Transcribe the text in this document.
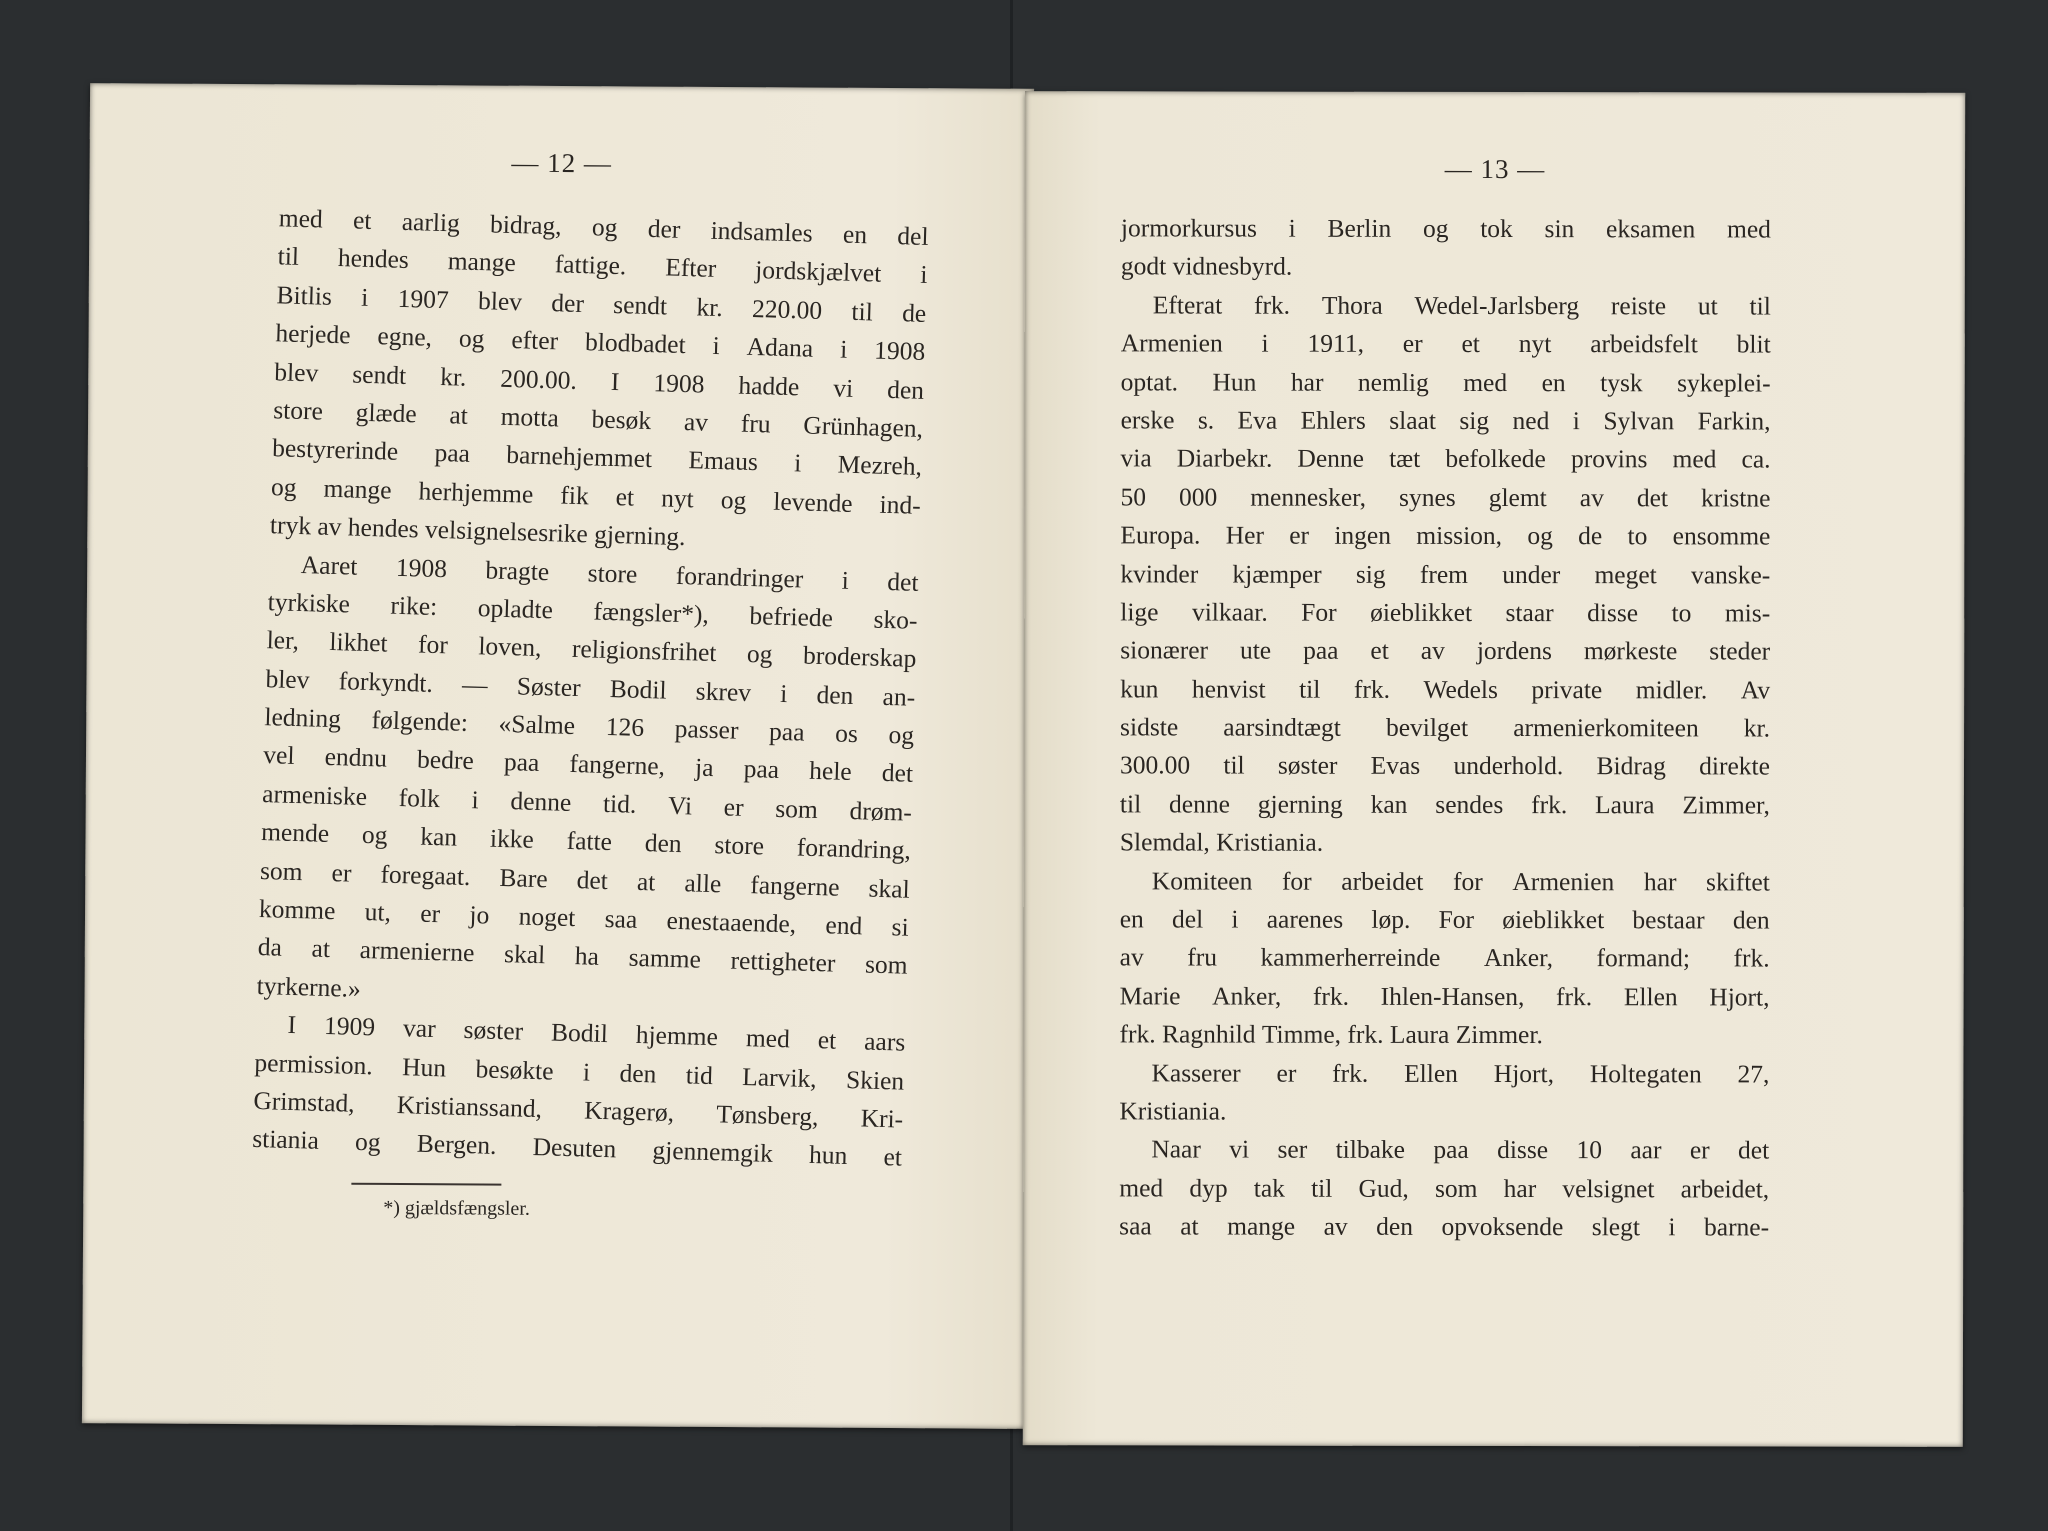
— 12 —
med et aarlig bidrag, og der indsamles en del
til hendes mange fattige. Efter jordskjælvet i
Bitlis i 1907 blev der sendt kr. 220.00 til de
herjede egne, og efter blodbadet i Adana i 1908
blev sendt kr. 200.00. I 1908 hadde vi den
store glæde at motta besøk av fru Grünhagen,
bestyrerinde paa barnehjemmet Emaus i Mezreh,
og mange herhjemme fik et nyt og levende ind-
tryk av hendes velsignelsesrike gjerning.
Aaret 1908 bragte store forandringer i det
tyrkiske rike: opladte fængsler*), befriede sko-
ler, likhet for loven, religionsfrihet og broderskap
blev forkyndt. — Søster Bodil skrev i den an-
ledning følgende: «Salme 126 passer paa os og
vel endnu bedre paa fangerne, ja paa hele det
armeniske folk i denne tid. Vi er som drøm-
mende og kan ikke fatte den store forandring,
som er foregaat. Bare det at alle fangerne skal
komme ut, er jo noget saa enestaaende, end si
da at armenierne skal ha samme rettigheter som
tyrkerne.»
I 1909 var søster Bodil hjemme med et aars
permission. Hun besøkte i den tid Larvik, Skien
Grimstad, Kristianssand, Kragerø, Tønsberg, Kri-
stiania og Bergen. Desuten gjennemgik hun et
*) gjældsfængsler.
— 13 —
jormorkursus i Berlin og tok sin eksamen med
godt vidnesbyrd.
Efterat frk. Thora Wedel-Jarlsberg reiste ut til
Armenien i 1911, er et nyt arbeidsfelt blit
optat. Hun har nemlig med en tysk sykeplei-
erske s. Eva Ehlers slaat sig ned i Sylvan Farkin,
via Diarbekr. Denne tæt befolkede provins med ca.
50 000 mennesker, synes glemt av det kristne
Europa. Her er ingen mission, og de to ensomme
kvinder kjæmper sig frem under meget vanske-
lige vilkaar. For øieblikket staar disse to mis-
sionærer ute paa et av jordens mørkeste steder
kun henvist til frk. Wedels private midler. Av
sidste aarsindtægt bevilget armenierkomiteen kr.
300.00 til søster Evas underhold. Bidrag direkte
til denne gjerning kan sendes frk. Laura Zimmer,
Slemdal, Kristiania.
Komiteen for arbeidet for Armenien har skiftet
en del i aarenes løp. For øieblikket bestaar den
av fru kammerherreinde Anker, formand; frk.
Marie Anker, frk. Ihlen-Hansen, frk. Ellen Hjort,
frk. Ragnhild Timme, frk. Laura Zimmer.
Kasserer er frk. Ellen Hjort, Holtegaten 27,
Kristiania.
Naar vi ser tilbake paa disse 10 aar er det
med dyp tak til Gud, som har velsignet arbeidet,
saa at mange av den opvoksende slegt i barne-
